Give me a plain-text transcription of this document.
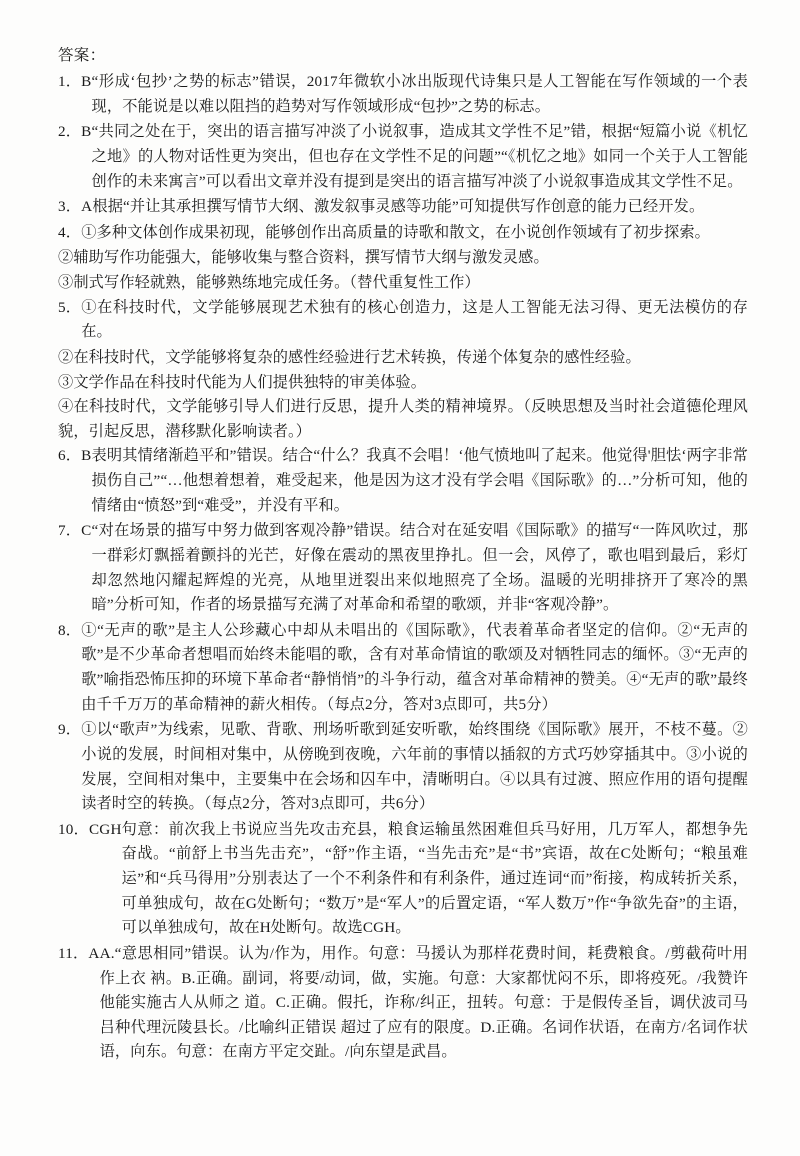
答案：
1．B “形成‘包抄’之势的标志”错误，2017年微软小冰出版现代诗集只是人工智能在写作领域的一个表现，不能说是以难以阻挡的趋势对写作领域形成“包抄”之势的标志。
2．B “共同之处在于，突出的语言描写冲淡了小说叙事，造成其文学性不足”错，根据“短篇小说《机忆之地》的人物对话性更为突出，但也存在文学性不足的问题”“《机忆之地》如同一个关于人工智能创作的未来寓言”可以看出文章并没有提到是突出的语言描写冲淡了小说叙事造成其文学性不足。
3．A 根据“并让其承担撰写情节大纲、激发叙事灵感等功能”可知提供写作创意的能力已经开发。
4． ①多种文体创作成果初现，能够创作出高质量的诗歌和散文，在小说创作领域有了初步探索。
②辅助写作功能强大，能够收集与整合资料，撰写情节大纲与激发灵感。
③制式写作轻就熟，能够熟练地完成任务。（替代重复性工作）
5． ①在科技时代，文学能够展现艺术独有的核心创造力，这是人工智能无法习得、更无法模仿的存在。
②在科技时代，文学能够将复杂的感性经验进行艺术转换，传递个体复杂的感性经验。
③文学作品在科技时代能为人们提供独特的审美体验。
④在科技时代，文学能够引导人们进行反思，提升人类的精神境界。（反映思想及当时社会道德伦理风貌，引起反思，潜移默化影响读者。）
6．B 表明其情绪渐趋平和”错误。结合“什么？我真不会唱！‘他气愤地叫了起来。他觉得'胆怯‘两字非常损伤自己”“…他想着想着，难受起来，他是因为这才没有学会唱《国际歌》的…”分析可知，他的情绪由“愤怒”到“难受”，并没有平和。
7．C “对在场景的描写中努力做到客观冷静”错误。结合对在延安唱《国际歌》的描写“一阵风吹过，那一群彩灯飘摇着颤抖的光芒，好像在震动的黑夜里挣扎。但一会，风停了，歌也唱到最后，彩灯却忽然地闪耀起辉煌的光亮，从地里迸裂出来似地照亮了全场。温暖的光明排挤开了寒冷的黑暗”分析可知，作者的场景描写充满了对革命和希望的歌颂，并非“客观冷静”。
8． ①“无声的歌”是主人公珍藏心中却从未唱出的《国际歌》，代表着革命者坚定的信仰。②“无声的歌”是不少革命者想唱而始终未能唱的歌，含有对革命情谊的歌颂及对牺牲同志的缅怀。③“无声的歌”喻指恐怖压抑的环境下革命者“静悄悄”的斗争行动，蕴含对革命精神的赞美。④“无声的歌”最终由千千万万的革命精神的薪火相传。（每点2分，答对3点即可，共5分）
9． ①以“歌声”为线索，见歌、背歌、刑场听歌到延安听歌，始终围绕《国际歌》展开，不枝不蔓。②小说的发展，时间相对集中，从傍晚到夜晚，六年前的事情以插叙的方式巧妙穿插其中。③小说的发展，空间相对集中，主要集中在会场和囚车中，清晰明白。④以具有过渡、照应作用的语句提醒读者时空的转换。（每点2分，答对3点即可，共6分）
10．CGH 句意：前次我上书说应当先攻击充县，粮食运输虽然困难但兵马好用，几万军人，都想争先奋战。“前舒上书当先击充”，“舒”作主语，“当先击充”是“书”宾语，故在C处断句；“粮虽难运”和“兵马得用”分别表达了一个不利条件和有利条件，通过连词“而”衔接，构成转折关系，可单独成句，故在G处断句；“数万”是“军人”的后置定语，“军人数万”作“争欲先奋”的主语，可以单独成句，故在H处断句。故选CGH。
11．A A.“意思相同”错误。认为/作为，用作。句意：马援认为那样花费时间，耗费粮食。/剪截荷叶用作上衣 衲。B.正确。副词，将要/动词，做，实施。句意：大家都忧闷不乐，即将疫死。/我赞许他能实施古人从师之 道。C.正确。假托，诈称/纠正，扭转。句意：于是假传圣旨，调伏波司马吕种代理沅陵县长。/比喻纠正错误 超过了应有的限度。D.正确。名词作状语，在南方/名词作状语，向东。句意：在南方平定交趾。/向东望是武昌。
